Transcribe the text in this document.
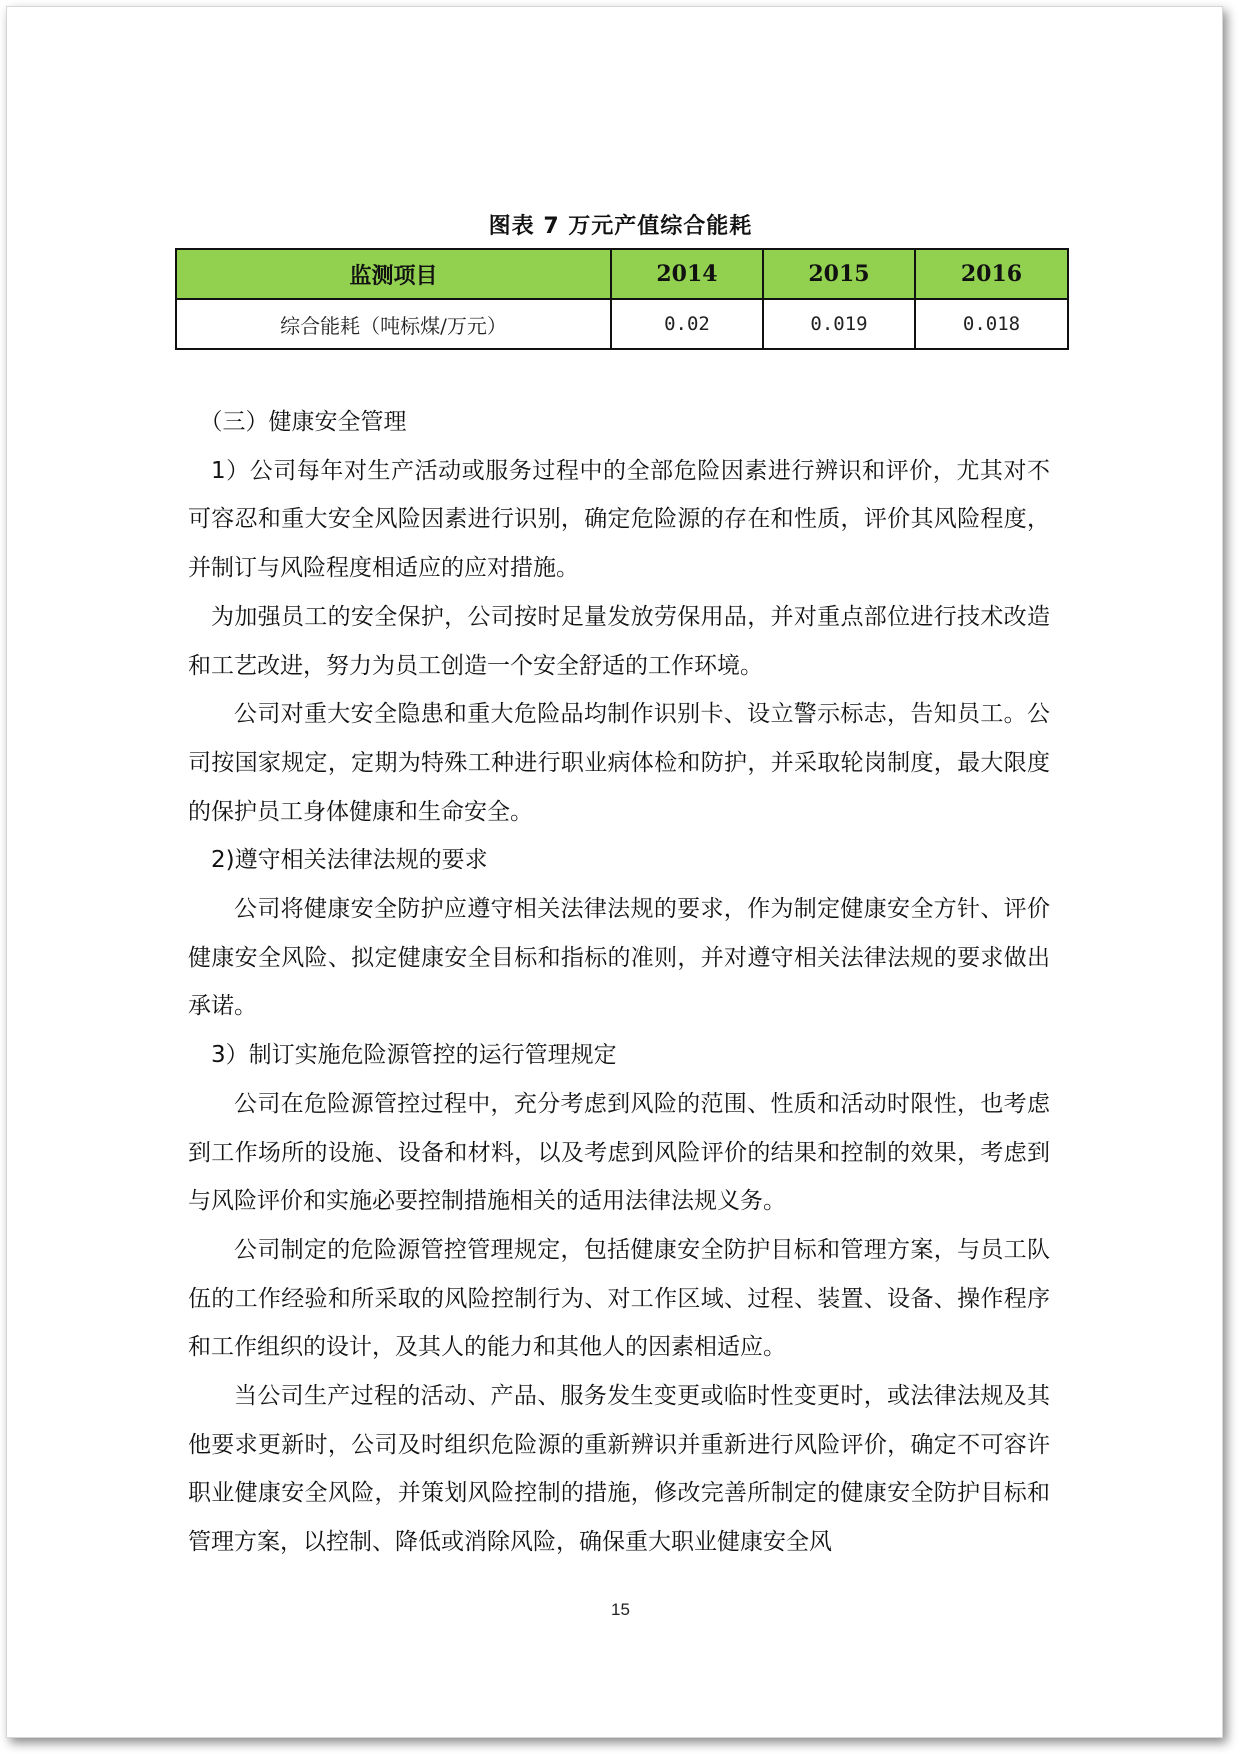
图表 7 万元产值综合能耗
监测项目	2014	2015	2016
综合能耗（吨标煤/万元）	0.02	0.019	0.018

（三）健康安全管理

1）公司每年对生产活动或服务过程中的全部危险因素进行辨识和评价，尤其对不可容忍和重大安全风险因素进行识别，确定危险源的存在和性质，评价其风险程度，并制订与风险程度相适应的应对措施。

为加强员工的安全保护，公司按时足量发放劳保用品，并对重点部位进行技术改造和工艺改进，努力为员工创造一个安全舒适的工作环境。

公司对重大安全隐患和重大危险品均制作识别卡、设立警示标志，告知员工。公司按国家规定，定期为特殊工种进行职业病体检和防护，并采取轮岗制度，最大限度的保护员工身体健康和生命安全。

2)遵守相关法律法规的要求

公司将健康安全防护应遵守相关法律法规的要求，作为制定健康安全方针、评价健康安全风险、拟定健康安全目标和指标的准则，并对遵守相关法律法规的要求做出承诺。

3）制订实施危险源管控的运行管理规定

公司在危险源管控过程中，充分考虑到风险的范围、性质和活动时限性，也考虑到工作场所的设施、设备和材料，以及考虑到风险评价的结果和控制的效果，考虑到与风险评价和实施必要控制措施相关的适用法律法规义务。

公司制定的危险源管控管理规定，包括健康安全防护目标和管理方案，与员工队伍的工作经验和所采取的风险控制行为、对工作区域、过程、装置、设备、操作程序和工作组织的设计，及其人的能力和其他人的因素相适应。

当公司生产过程的活动、产品、服务发生变更或临时性变更时，或法律法规及其他要求更新时，公司及时组织危险源的重新辨识并重新进行风险评价，确定不可容许职业健康安全风险，并策划风险控制的措施，修改完善所制定的健康安全防护目标和管理方案，以控制、降低或消除风险，确保重大职业健康安全风

15
